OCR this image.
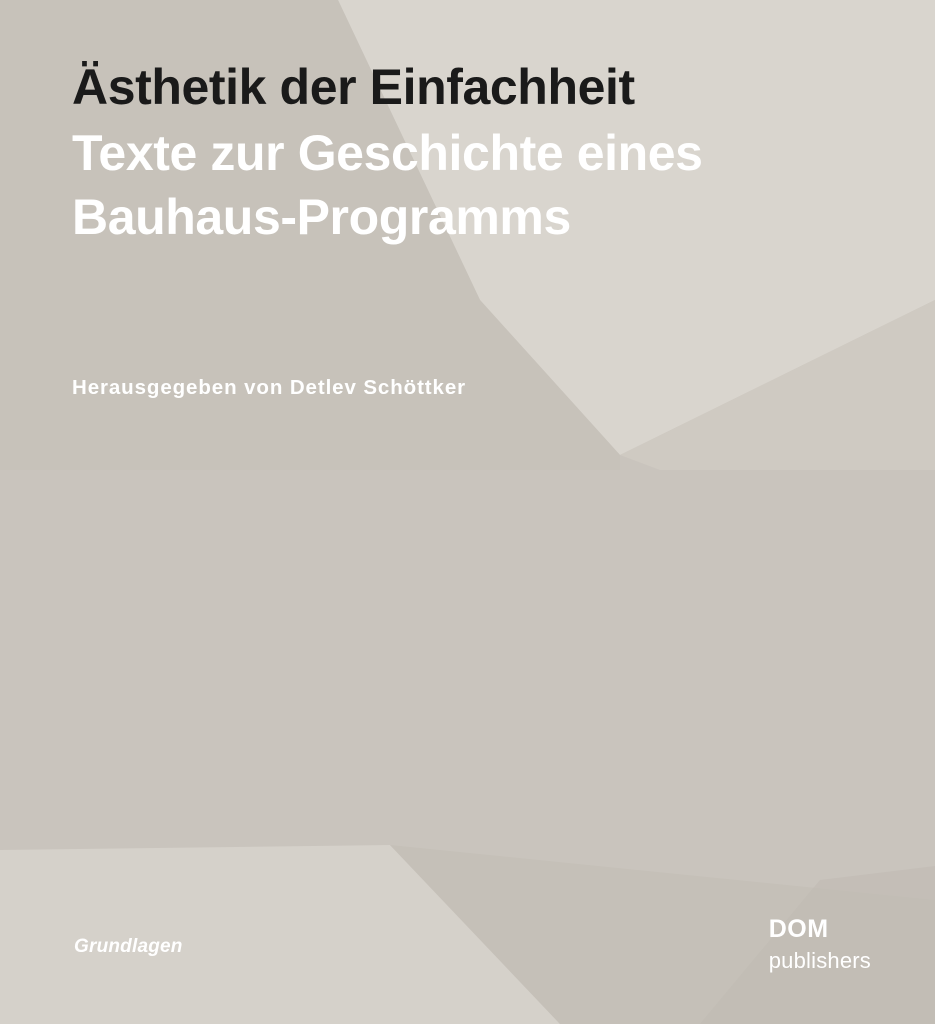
Ästhetik der Einfachheit
Texte zur Geschichte eines
Bauhaus-Programms
Herausgegeben von Detlev Schöttker
Grundlagen
DOM
publishers
